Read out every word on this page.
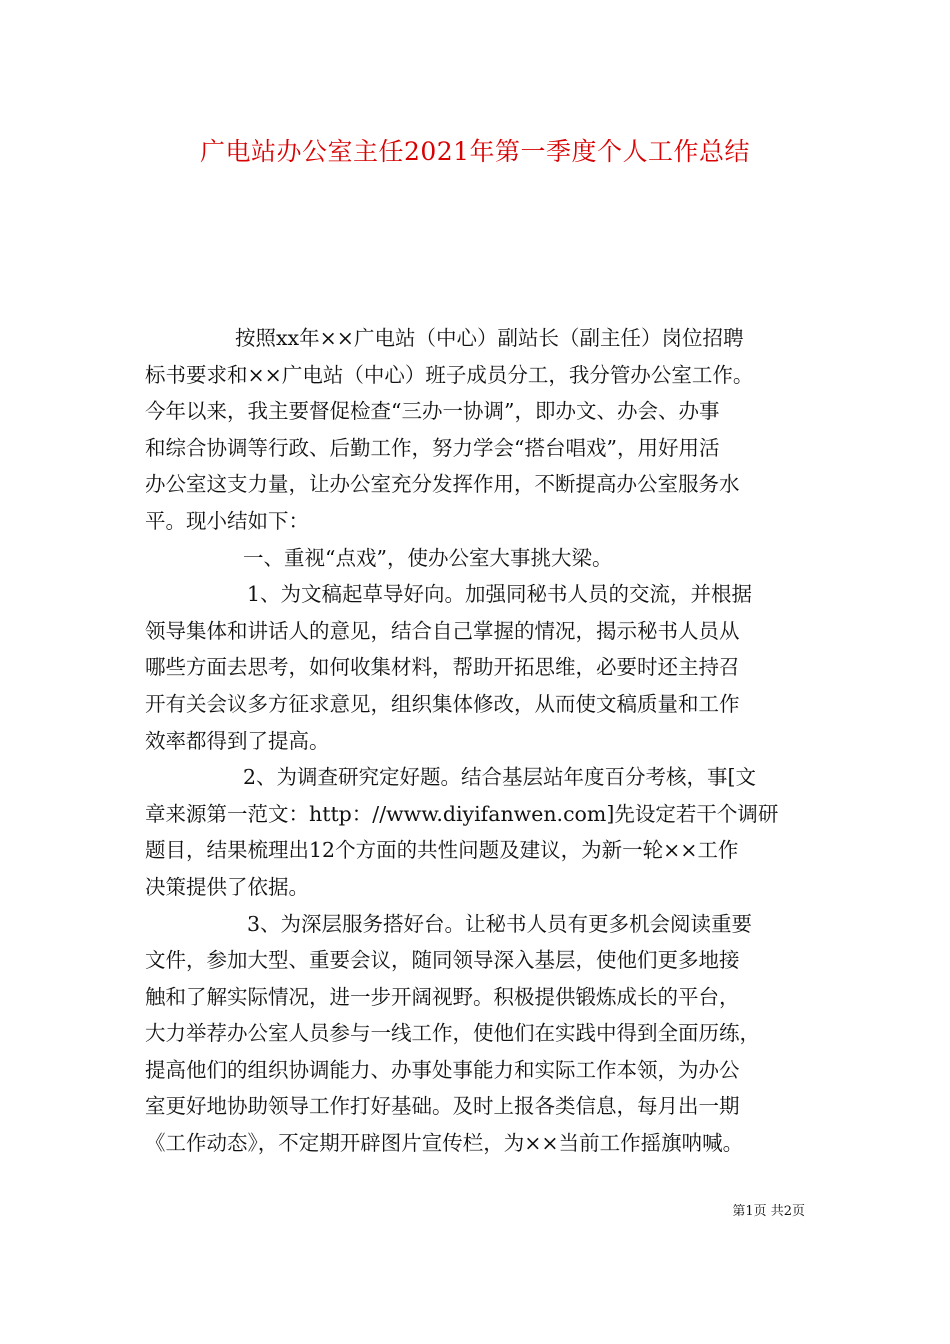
广电站办公室主任2021年第一季度个人工作总结
按照xx年××广电站（中心）副站长（副主任）岗位招聘
标书要求和××广电站（中心）班子成员分工，我分管办公室工作。
今年以来，我主要督促检查“三办一协调”，即办文、办会、办事
和综合协调等行政、后勤工作，努力学会“搭台唱戏”，用好用活
办公室这支力量，让办公室充分发挥作用，不断提高办公室服务水
平。现小结如下：
一、重视“点戏”，使办公室大事挑大梁。
1、为文稿起草导好向。加强同秘书人员的交流，并根据
领导集体和讲话人的意见，结合自己掌握的情况，揭示秘书人员从
哪些方面去思考，如何收集材料，帮助开拓思维，必要时还主持召
开有关会议多方征求意见，组织集体修改，从而使文稿质量和工作
效率都得到了提高。
2、为调查研究定好题。结合基层站年度百分考核，事[文
章来源第一范文：http：//www.diyifanwen.com]先设定若干个调研
题目，结果梳理出12个方面的共性问题及建议，为新一轮××工作
决策提供了依据。
3、为深层服务搭好台。让秘书人员有更多机会阅读重要
文件，参加大型、重要会议，随同领导深入基层，使他们更多地接
触和了解实际情况，进一步开阔视野。积极提供锻炼成长的平台，
大力举荐办公室人员参与一线工作，使他们在实践中得到全面历练，
提高他们的组织协调能力、办事处事能力和实际工作本领，为办公
室更好地协助领导工作打好基础。及时上报各类信息，每月出一期
《工作动态》，不定期开辟图片宣传栏，为××当前工作摇旗呐喊。
第1页 共2页
